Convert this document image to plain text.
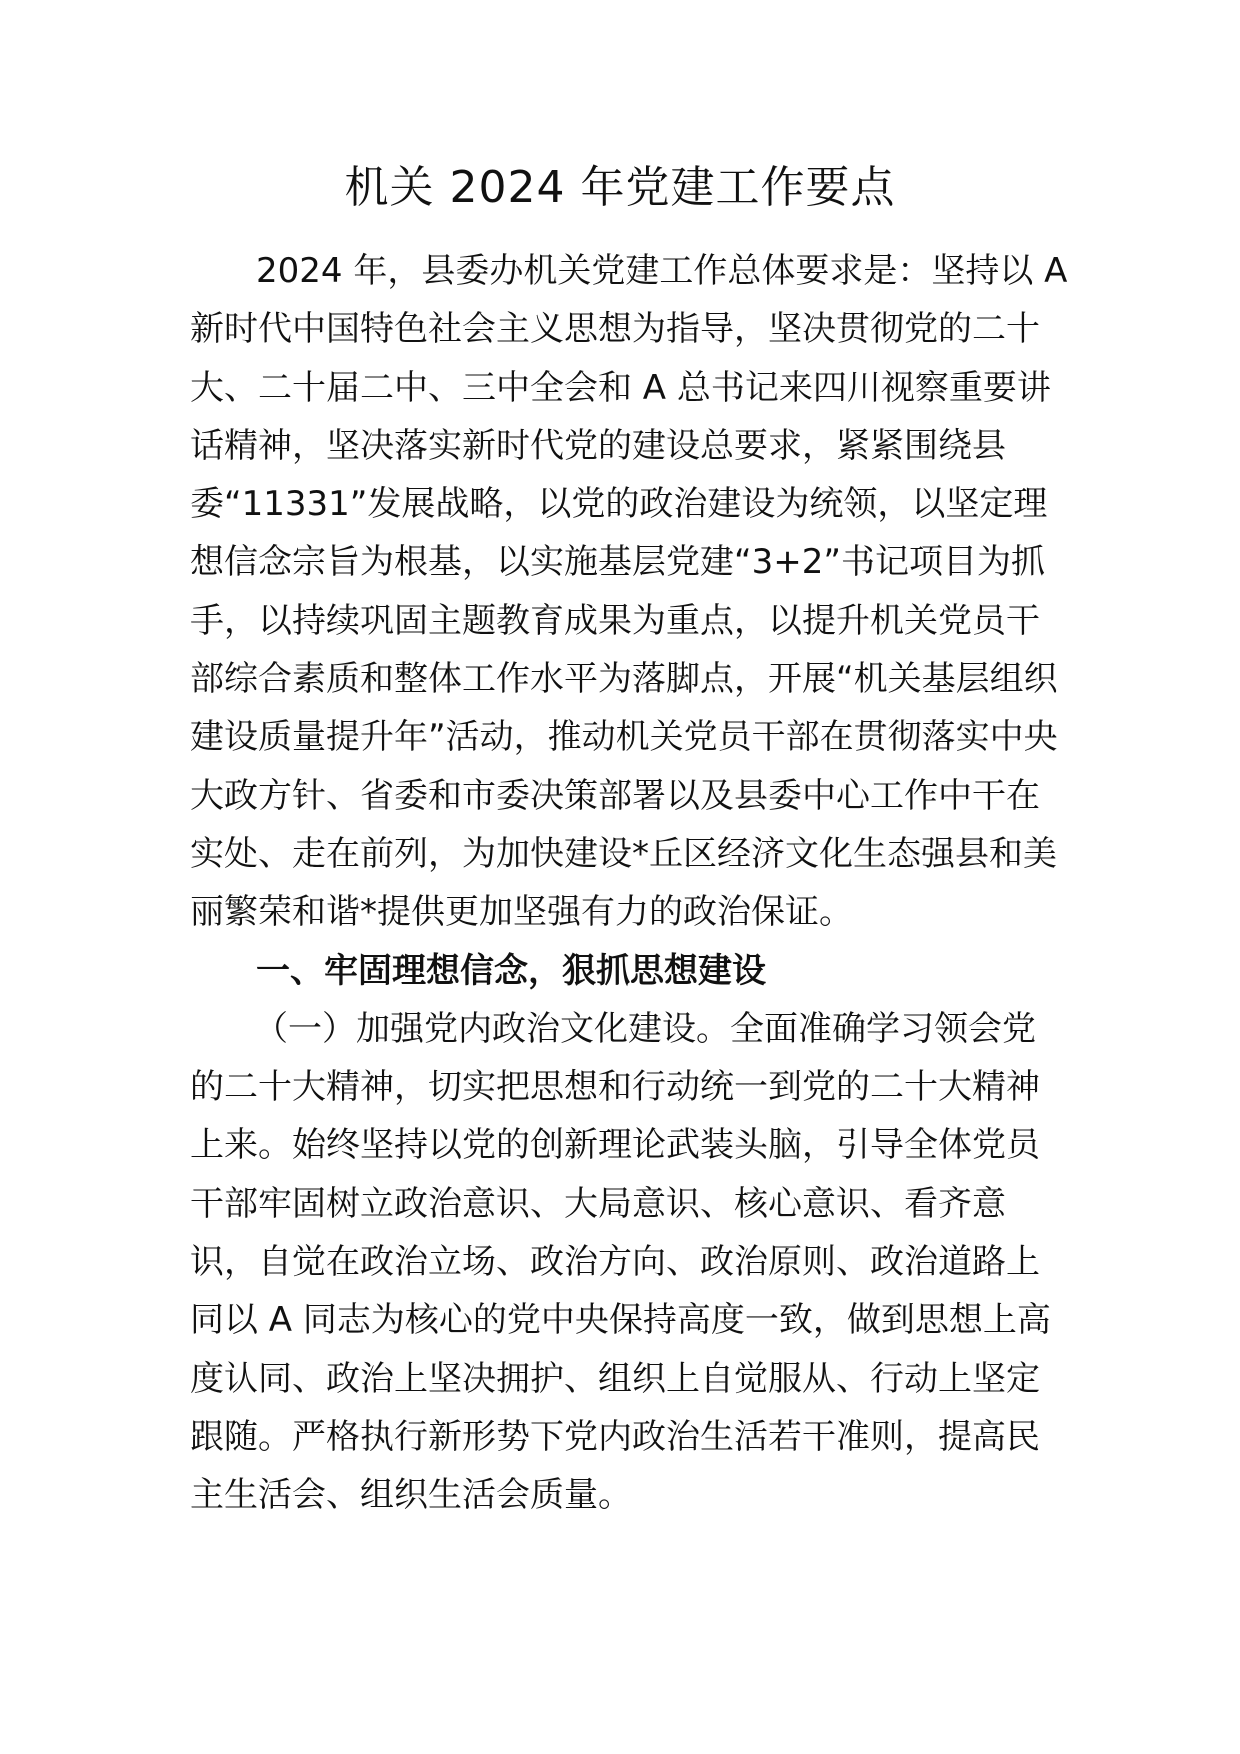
机关 2024 年党建工作要点
2024 年，县委办机关党建工作总体要求是：坚持以 A
新时代中国特色社会主义思想为指导，坚决贯彻党的二十
大、二十届二中、三中全会和 A 总书记来四川视察重要讲
话精神，坚决落实新时代党的建设总要求，紧紧围绕县
委“11331”发展战略，以党的政治建设为统领，以坚定理
想信念宗旨为根基，以实施基层党建“3+2”书记项目为抓
手，以持续巩固主题教育成果为重点，以提升机关党员干
部综合素质和整体工作水平为落脚点，开展“机关基层组织
建设质量提升年”活动，推动机关党员干部在贯彻落实中央
大政方针、省委和市委决策部署以及县委中心工作中干在
实处、走在前列，为加快建设*丘区经济文化生态强县和美
丽繁荣和谐*提供更加坚强有力的政治保证。
一、牢固理想信念，狠抓思想建设
（一）加强党内政治文化建设。全面准确学习领会党
的二十大精神，切实把思想和行动统一到党的二十大精神
上来。始终坚持以党的创新理论武装头脑，引导全体党员
干部牢固树立政治意识、大局意识、核心意识、看齐意
识，自觉在政治立场、政治方向、政治原则、政治道路上
同以 A 同志为核心的党中央保持高度一致，做到思想上高
度认同、政治上坚决拥护、组织上自觉服从、行动上坚定
跟随。严格执行新形势下党内政治生活若干准则，提高民
主生活会、组织生活会质量。
